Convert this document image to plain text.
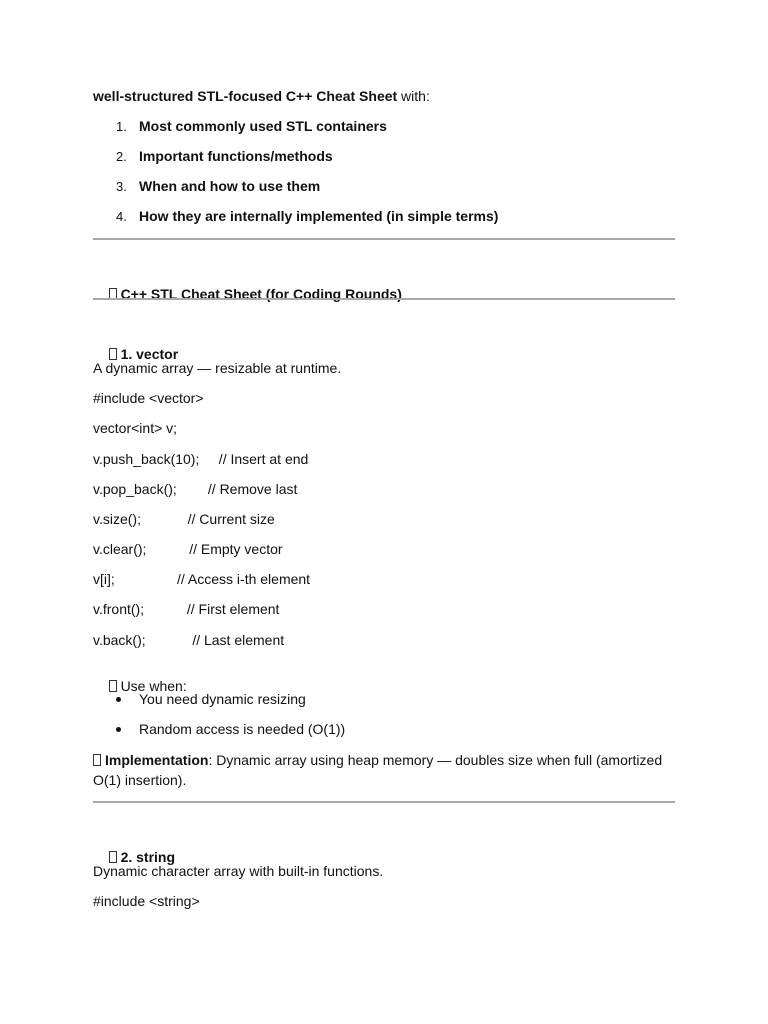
well-structured STL-focused C++ Cheat Sheet with:
1. Most commonly used STL containers
2. Important functions/methods
3. When and how to use them
4. How they are internally implemented (in simple terms)

C++ STL Cheat Sheet (for Coding Rounds)

1. vector

A dynamic array — resizable at runtime.
#include <vector>
vector<int> v;
v.push_back(10);     // Insert at end
v.pop_back();        // Remove last
v.size();            // Current size
v.clear();           // Empty vector
v[i];                // Access i-th element
v.front();           // First element
v.back();            // Last element

Use when:

You need dynamic resizing
Random access is needed (O(1))
Implementation: Dynamic array using heap memory — doubles size when full (amortized O(1) insertion).

2. string

Dynamic character array with built-in functions.
#include <string>
